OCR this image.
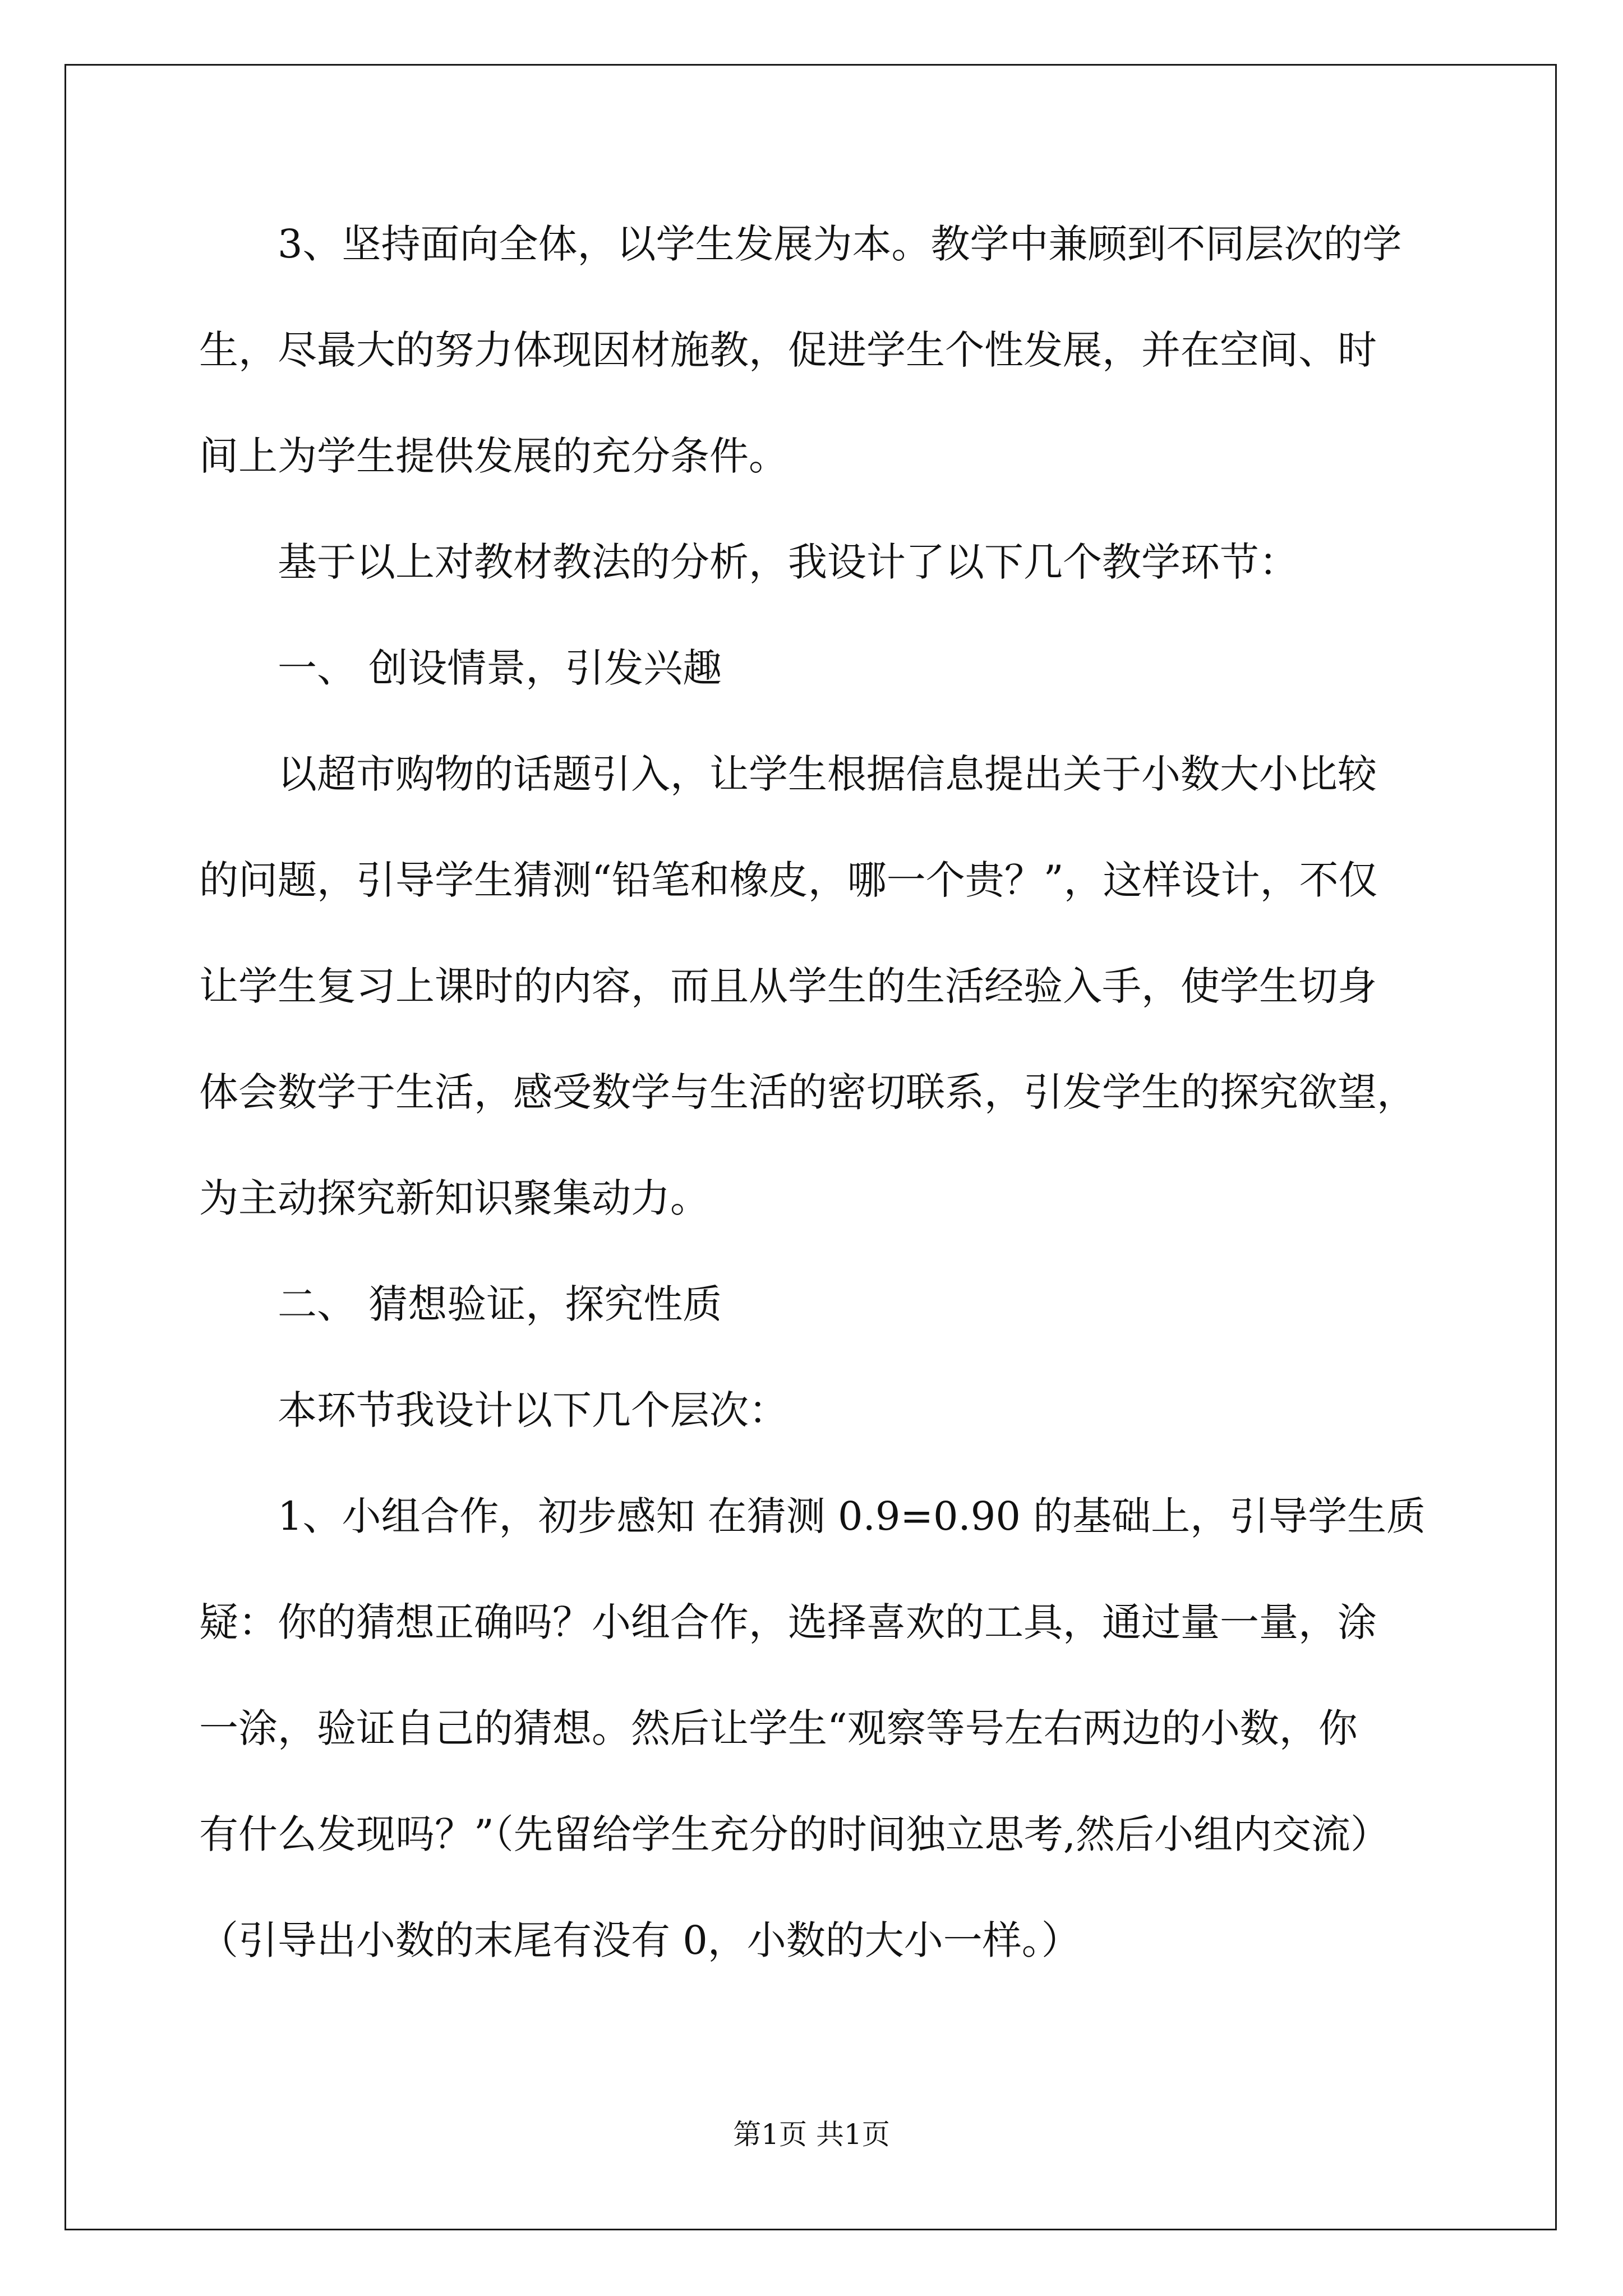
3、坚持面向全体，以学生发展为本。教学中兼顾到不同层次的学
生，尽最大的努力体现因材施教，促进学生个性发展，并在空间、时
间上为学生提供发展的充分条件。
基于以上对教材教法的分析，我设计了以下几个教学环节：
一、 创设情景，引发兴趣
以超市购物的话题引入，让学生根据信息提出关于小数大小比较
的问题，引导学生猜测“铅笔和橡皮，哪一个贵？”，这样设计，不仅
让学生复习上课时的内容，而且从学生的生活经验入手，使学生切身
体会数学于生活，感受数学与生活的密切联系，引发学生的探究欲望，
为主动探究新知识聚集动力。
二、 猜想验证，探究性质
本环节我设计以下几个层次：
1、小组合作，初步感知 在猜测 0.9=0.90 的基础上，引导学生质
疑：你的猜想正确吗？小组合作，选择喜欢的工具，通过量一量，涂
一涂，验证自己的猜想。然后让学生“观察等号左右两边的小数，你
有什么发现吗？”（先留给学生充分的时间独立思考,然后小组内交流）
（引导出小数的末尾有没有 0，小数的大小一样。）
第1页 共1页
